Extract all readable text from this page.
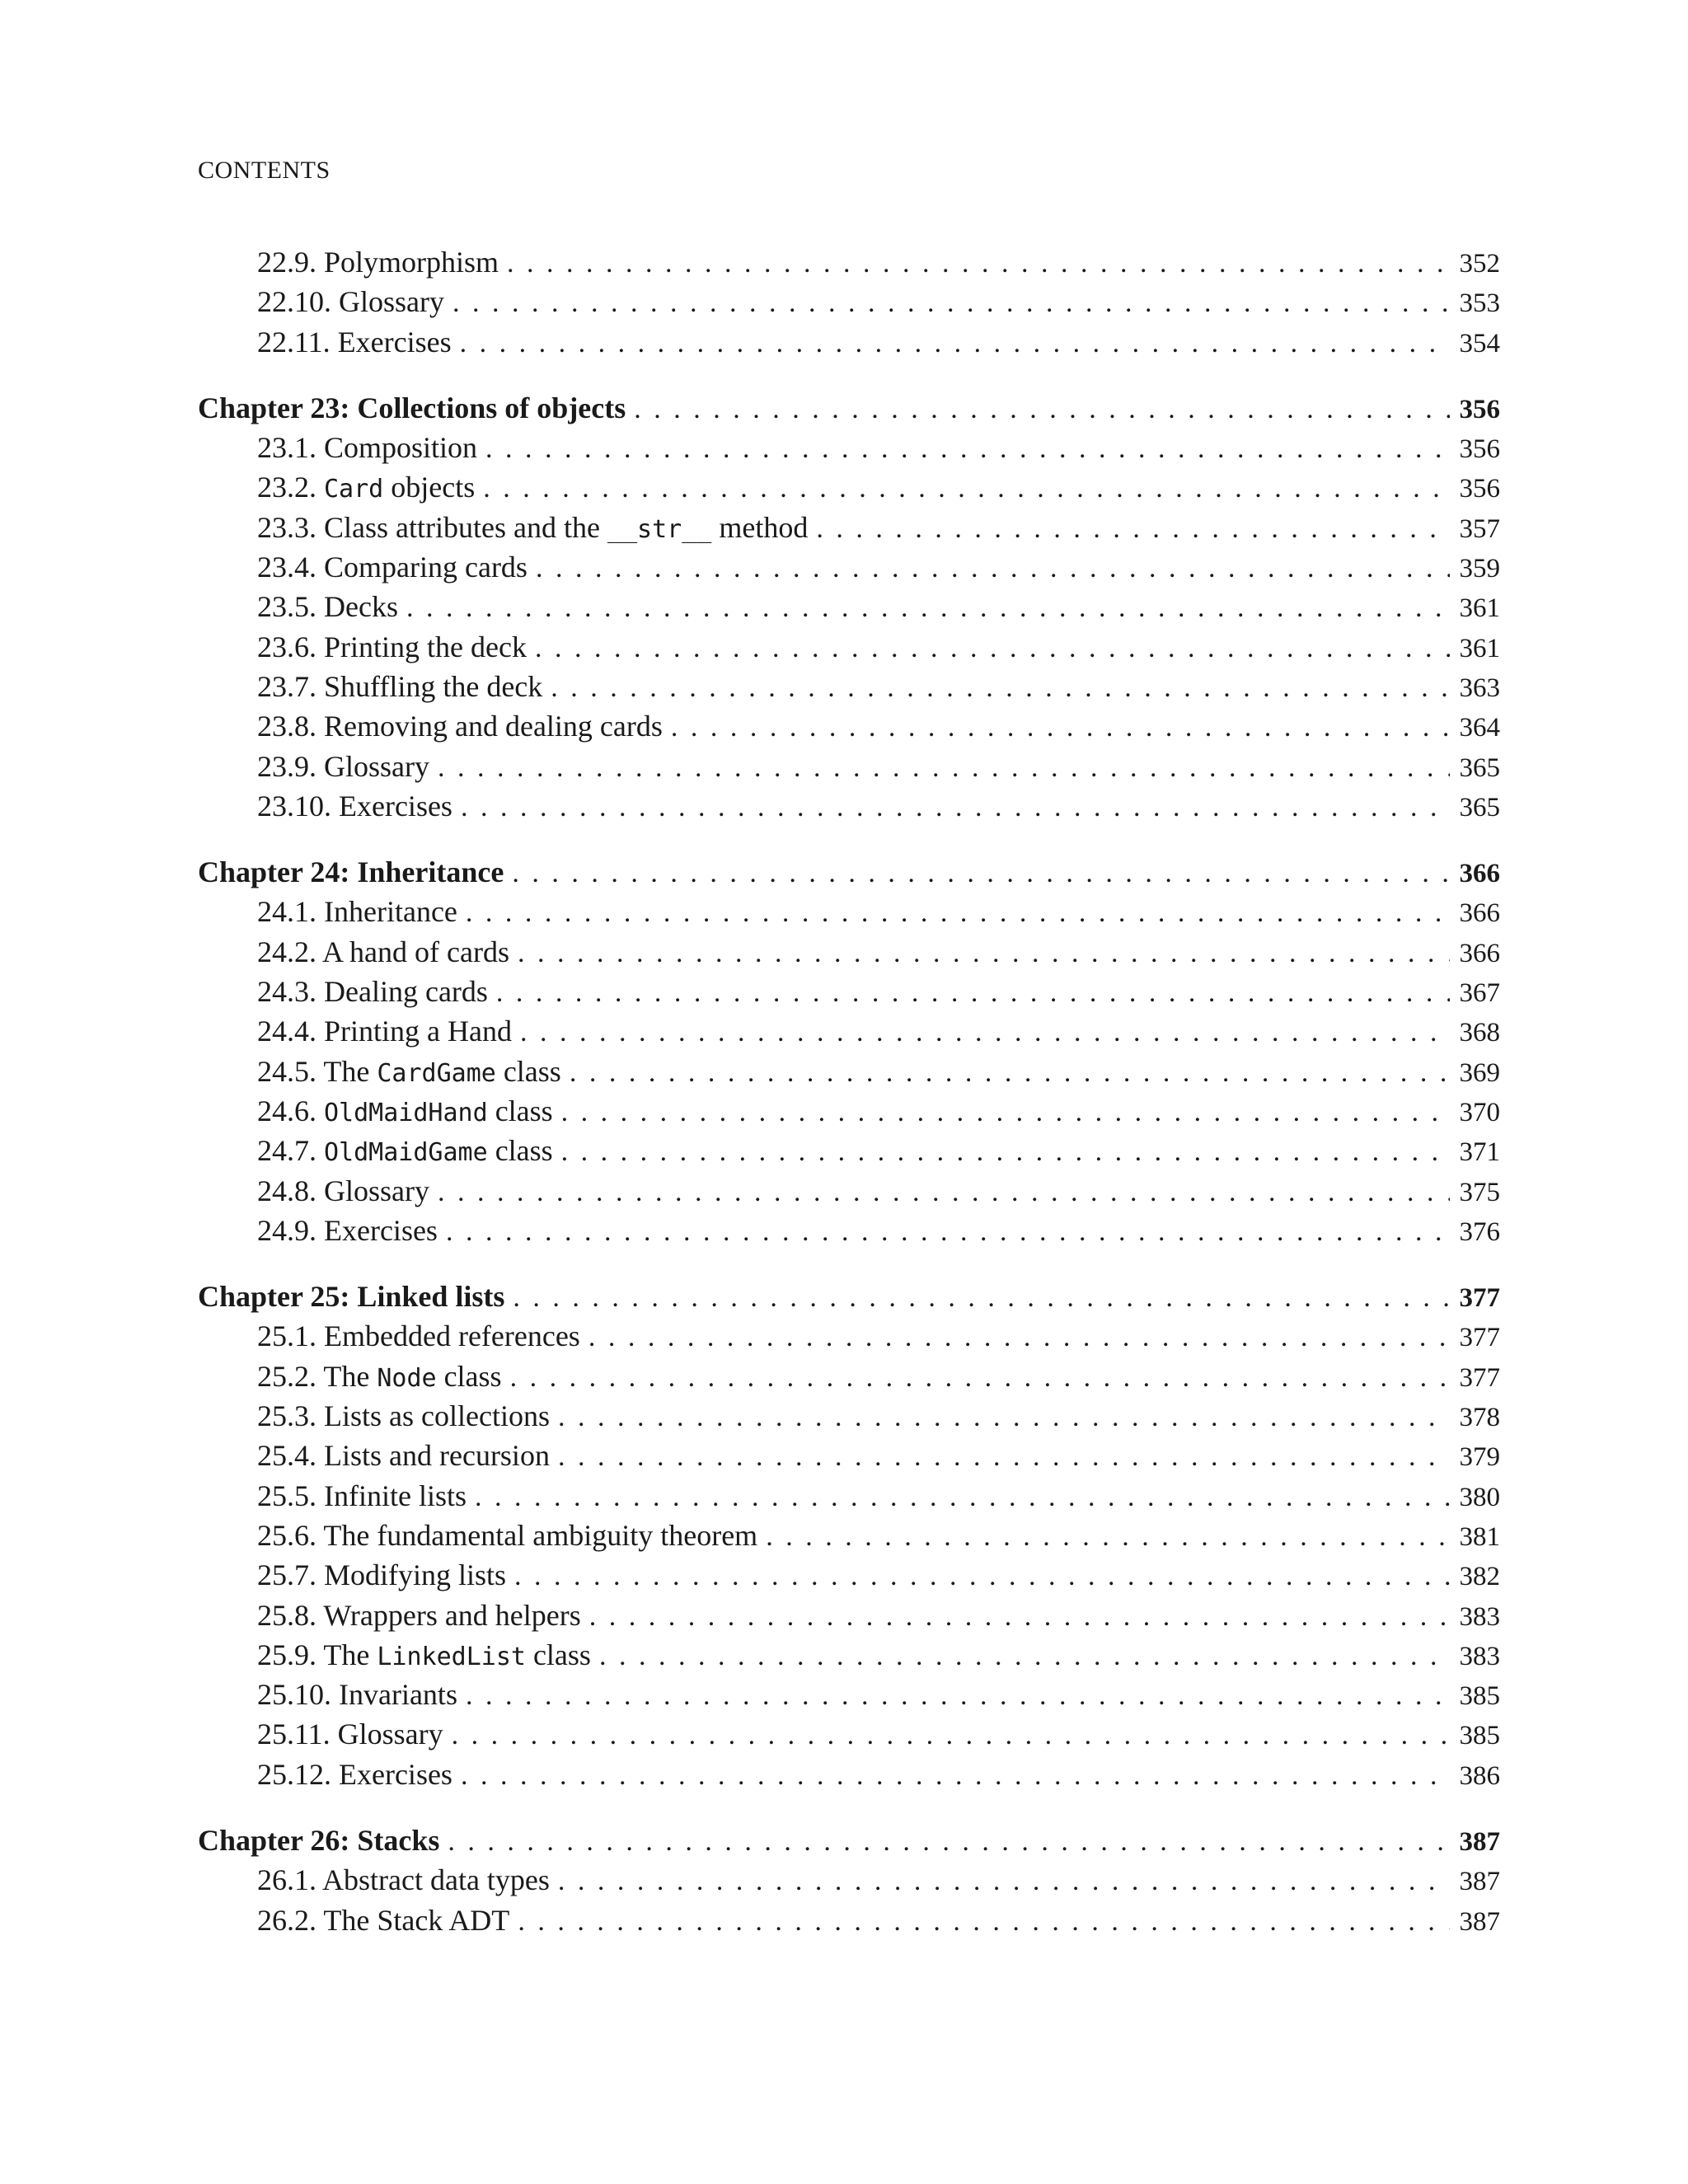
CONTENTS
22.9. Polymorphism . . .	352
22.10. Glossary . . .	353
22.11. Exercises . . .	354
Chapter 23: Collections of objects . . .	356
23.1. Composition . . .	356
23.2. Card objects . . .	356
23.3. Class attributes and the __str__ method . . .	357
23.4. Comparing cards . . .	359
23.5. Decks . . .	361
23.6. Printing the deck . . .	361
23.7. Shuffling the deck . . .	363
23.8. Removing and dealing cards . . .	364
23.9. Glossary . . .	365
23.10. Exercises . . .	365
Chapter 24: Inheritance . . .	366
24.1. Inheritance . . .	366
24.2. A hand of cards . . .	366
24.3. Dealing cards . . .	367
24.4. Printing a Hand . . .	368
24.5. The CardGame class . . .	369
24.6. OldMaidHand class . . .	370
24.7. OldMaidGame class . . .	371
24.8. Glossary . . .	375
24.9. Exercises . . .	376
Chapter 25: Linked lists . . .	377
25.1. Embedded references . . .	377
25.2. The Node class . . .	377
25.3. Lists as collections . . .	378
25.4. Lists and recursion . . .	379
25.5. Infinite lists . . .	380
25.6. The fundamental ambiguity theorem . . .	381
25.7. Modifying lists . . .	382
25.8. Wrappers and helpers . . .	383
25.9. The LinkedList class . . .	383
25.10. Invariants . . .	385
25.11. Glossary . . .	385
25.12. Exercises . . .	386
Chapter 26: Stacks . . .	387
26.1. Abstract data types . . .	387
26.2. The Stack ADT . . .	387
